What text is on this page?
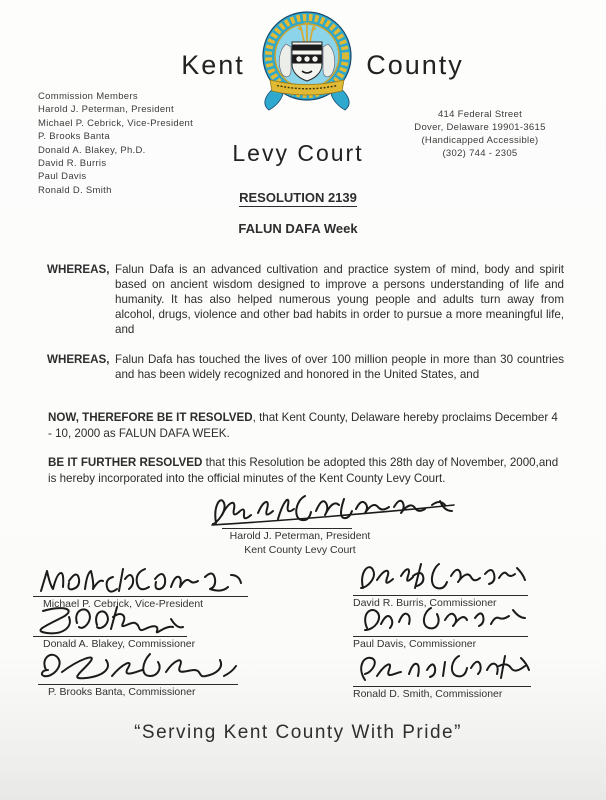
Kent	County
Commission Members
Harold J. Peterman, President
Michael P. Cebrick, Vice-President
P. Brooks Banta
Donald A. Blakey, Ph.D.
David R. Burris
Paul Davis
Ronald D. Smith
414 Federal Street
Dover, Delaware 19901-3615
(Handicapped Accessible)
(302) 744 - 2305
Levy Court
RESOLUTION 2139
FALUN DAFA Week
WHEREAS, Falun Dafa is an advanced cultivation and practice system of mind, body and spirit based on ancient wisdom designed to improve a persons understanding of life and humanity. It has also helped numerous young people and adults turn away from alcohol, drugs, violence and other bad habits in order to pursue a more meaningful life, and
WHEREAS, Falun Dafa has touched the lives of over 100 million people in more than 30 countries and has been widely recognized and honored in the United States, and

NOW, THEREFORE BE IT RESOLVED, that Kent County, Delaware hereby proclaims December 4 - 10, 2000 as FALUN DAFA WEEK.

BE IT FURTHER RESOLVED that this Resolution be adopted this 28th day of November, 2000,and is hereby incorporated into the official minutes of the Kent County Levy Court.

Harold J. Peterman, President
Kent County Levy Court
Michael P. Cebrick, Vice-President
Donald A. Blakey, Commissioner
P. Brooks Banta, Commissioner
David R. Burris, Commissioner
Paul Davis, Commissioner
Ronald D. Smith, Commissioner
“Serving Kent County With Pride”
